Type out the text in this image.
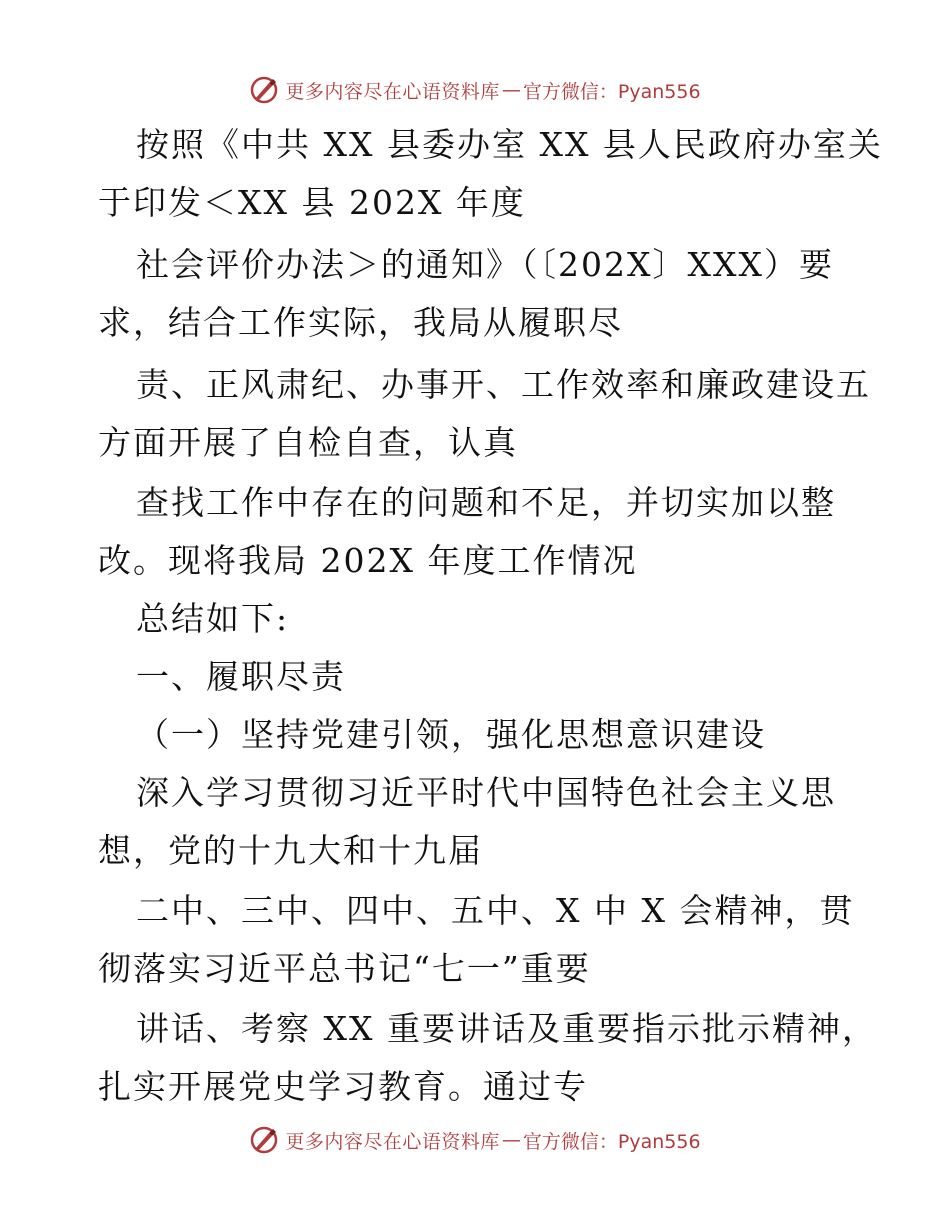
更多内容尽在心语资料库 — 官方微信：Pyan556
按照《中共 XX 县委办室 XX 县人民政府办室关
于印发＜XX 县 202X 年度
社会评价办法＞的通知》（〔202X〕XXX）要
求，结合工作实际，我局从履职尽
责、正风肃纪、办事开、工作效率和廉政建设五
方面开展了自检自查，认真
查找工作中存在的问题和不足，并切实加以整
改。现将我局 202X 年度工作情况
总结如下:
一、履职尽责
（一）坚持党建引领，强化思想意识建设
深入学习贯彻习近平时代中国特色社会主义思
想，党的十九大和十九届
二中、三中、四中、五中、X 中 X 会精神，贯
彻落实习近平总书记“七一”重要
讲话、考察 XX 重要讲话及重要指示批示精神，
扎实开展党史学习教育。通过专
更多内容尽在心语资料库 — 官方微信：Pyan556
